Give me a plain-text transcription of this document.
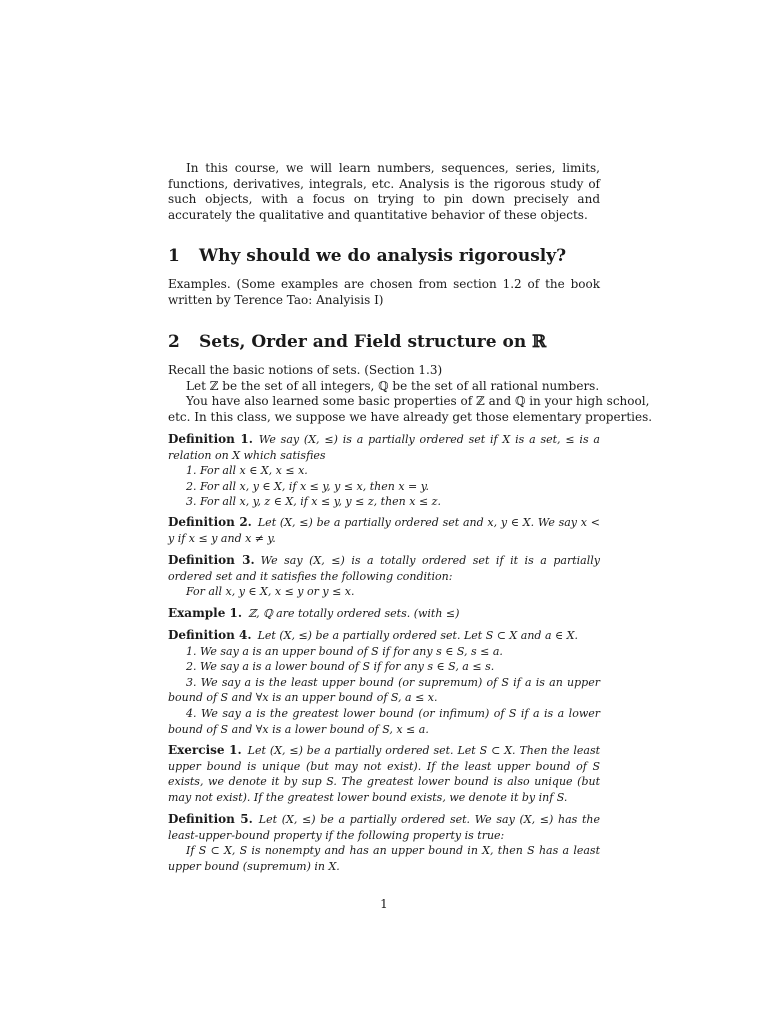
In this course, we will learn numbers, sequences, series, limits, functions, derivatives, integrals, etc. Analysis is the rigorous study of such objects, with a focus on trying to pin down precisely and accurately the qualitative and quantitative behavior of these objects.

1 Why should we do analysis rigorously?

Examples. (Some examples are chosen from section 1.2 of the book written by Terence Tao: Analyisis I)

2 Sets, Order and Field structure on ℝ
Recall the basic notions of sets. (Section 1.3)
Let ℤ be the set of all integers, ℚ be the set of all rational numbers.
You have also learned some basic properties of ℤ and ℚ in your high school,
etc. In this class, we suppose we have already get those elementary properties.
Definition 1. We say (X, ≤) is a partially ordered set if X is a set, ≤ is a relation on X which satisfies
1. For all x ∈ X, x ≤ x.
2. For all x, y ∈ X, if x ≤ y, y ≤ x, then x = y.
3. For all x, y, z ∈ X, if x ≤ y, y ≤ z, then x ≤ z.
Definition 2. Let (X, ≤) be a partially ordered set and x, y ∈ X. We say x < y if x ≤ y and x ≠ y.
Definition 3. We say (X, ≤) is a totally ordered set if it is a partially ordered set and it satisfies the following condition:
For all x, y ∈ X, x ≤ y or y ≤ x.
Example 1. ℤ, ℚ are totally ordered sets. (with ≤)
Definition 4. Let (X, ≤) be a partially ordered set. Let S ⊂ X and a ∈ X.
1. We say a is an upper bound of S if for any s ∈ S, s ≤ a.
2. We say a is a lower bound of S if for any s ∈ S, a ≤ s.
3. We say a is the least upper bound (or supremum) of S if a is an upper bound of S and ∀x is an upper bound of S, a ≤ x.
4. We say a is the greatest lower bound (or infimum) of S if a is a lower bound of S and ∀x is a lower bound of S, x ≤ a.
Exercise 1. Let (X, ≤) be a partially ordered set. Let S ⊂ X. Then the least upper bound is unique (but may not exist). If the least upper bound of S exists, we denote it by sup S. The greatest lower bound is also unique (but may not exist). If the greatest lower bound exists, we denote it by inf S.
Definition 5. Let (X, ≤) be a partially ordered set. We say (X, ≤) has the least-upper-bound property if the following property is true:
If S ⊂ X, S is nonempty and has an upper bound in X, then S has a least upper bound (supremum) in X.
1
